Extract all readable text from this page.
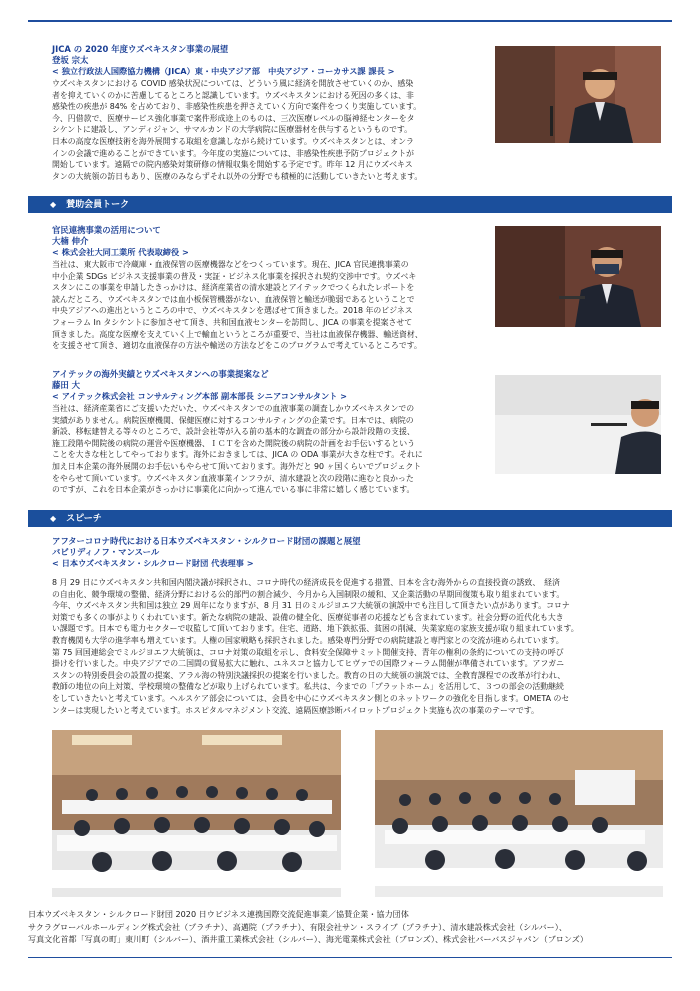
JICA の 2020 年度ウズベキスタン事業の展望
登坂 宗太
< 独立行政法人国際協力機構（JICA）東・中央アジア部　中央アジア・コーカサス課 課長 >
ウズベキスタンにおける COVID 感染状況については、どういう風に経済を開放させていくのか、感染
者を抑えていくのかに苦慮してるところと認識しています。ウズベキスタンにおける死因の多くは、非
感染性の疾患が 84% を占めており、非感染性疾患を押さえていく方向で案件をつくり実施しています。
今、円借款で、医療サービス強化事業で案件形成途上のものは、三次医療レベルの脳神経センターをタ
シケントに建設し、アンディジャン、サマルカンドの大学病院に医療器材を供与するというものです。
日本の高度な医療技術を海外展開する取組を意識しながら続けています。ウズベキスタンとは、オンラ
インの会議で進めることができています。今年度の実施については、非感染性疾患予防プロジェクトが
開始しています。遠隔での院内感染対策研修の情報収集を開始する予定です。昨年 12 月にウズベキス
タンの大統領の訪日もあり、医療のみならずそれ以外の分野でも積極的に活動していきたいと考えます。
◆ 賛助会員トーク
官民連携事業の活用について
大楠 伸介
< 株式会社大同工業所 代表取締役 >
当社は、東大阪市で冷蔵庫・血液保管の医療機器などをつくっています。現在、JICA 官民連携事業の
中小企業 SDGs ビジネス支援事業の普及・実証・ビジネス化事業を採択され契約交渉中です。ウズベキ
スタンにこの事業を申請したきっかけは、経済産業省の清水建設とアイテックでつくられたレポートを
読んだところ、ウズベキスタンでは血小板保管機器がない、血液保管と輸送が脆弱であるということで
中央アジアへの進出というところの中で、ウズベキスタンを選ばせて頂きました。2018 年のビジネス
フォーラム In タシケントに参加させて頂き、共和国血液センターを訪問し、JICA の事業を提案させて
頂きました。高度な医療を支えていく上で輸血というところが重要で、当社は血液保存機器、輸送資材、
を支援させて頂き、適切な血液保存の方法や輸送の方法などをこのプログラムで考えているところです。
アイテックの海外実績とウズベキスタンへの事業提案など
藤田 大
< アイテック株式会社 コンサルティング本部 副本部長 シニアコンサルタント >
当社は、経済産業省にご支援いただいた、ウズベキスタンでの血液事業の調査しかウズベキスタンでの
実績がありません。病院医療機関、保健医療に対するコンサルティングの企業です。日本では、病院の
新設、移転建替える等々のところで、設計会社等が入る前の基本的な調査の部分から設計段階の支援、
施工段階や開院後の病院の運営や医療機器、ＩＣＴを含めた開院後の病院の計画をお手伝いするという
ことを大きな柱としてやっております。海外におきましては、JICA の ODA 事業が大きな柱です。それに
加え日本企業の海外展開のお手伝いもやらせて頂いております。海外だと 90 ヶ国くらいでプロジェクト
をやらせて頂いています。ウズベキスタン血液事業インフラが、清水建設と次の段階に進むと良かった
のですが、これを日本企業がきっかけに事業化に向かって進んでいる事に非常に嬉しく感じています。
◆ スピーチ
アフターコロナ時代における日本ウズベキスタン・シルクロード財団の課題と展望
バビリディノフ・マンスール
< 日本ウズベキスタン・シルクロード財団 代表理事 >
8 月 29 日にウズベキスタン共和国内閣決議が採択され、コロナ時代の経済成長を促進する措置、日本を含む海外からの直接投資の誘致、　経済
の自由化、競争環境の整備、経済分野における公的部門の割合減少、今月から入国制限の緩和、又企業活動の早期回復策も取り組まれています。
今年、ウズベキスタン共和国は独立 29 周年になりますが、8 月 31 日のミルジヨエフ大統領の演説中でも注目して頂きたい点があります。コロナ
対策でも多くの事がよりくわれています。新たな病院の建設、設備の健全化、医療従事者の応援なども含まれています。社会分野の近代化も大き
い課題です。日本でも電力セクターで収監して頂いております。住宅、道路、地下鉄拡張、貧困の削減、失業家庭の家族支援が取り組まれています。
教育機関も大学の進学率も増えています。人権の国家戦略も採択されました。感染専門分野での病院建設と専門家との交流が進められています。
第 75 回国連総会でミルジヨエフ大統領は、コロナ対策の取組を示し、食料安全保障サミット開催支持、青年の権利の条約についての支持の呼び
掛けを行いました。中央アジアでの二国間の貿易拡大に触れ、ユネスコと協力してヒヴァでの国際フォーラム開催が準備されています。アフガニ
スタンの特別委員会の設置の提案、アラル海の特別決議採択の提案を行いました。教育の日の大統領の演説では、全教育課程での改革が行われ、
教師の地位の向上対策、学校環境の整備などが取り上げられています。私共は、今までの「プラットホーム」を活用して、３つの部会の活動継続
をしていきたいと考えています。ヘルスケア部会については、会員を中心にウズベキスタン側とのネットワークの強化を目指します。OMETA のセ
ンターは実現したいと考えています。ホスピタルマネジメント交流、遠隔医療診断パイロットプロジェクト実施も次の事業のテーマです。
日本ウズベキスタン・シルクロード財団 2020 日ウビジネス連携国際交流促進事業／協賛企業・協力団体
サクラグローバルホールディング株式会社（プラチナ）、高邁院（プラチナ）、有限会社サン・スライブ（プラチナ）、清水建設株式会社（シルバー）、
写真文化首都「写真の町」東川町（シルバー）、酒井重工業株式会社（シルバー）、海光電業株式会社（ブロンズ）、株式会社バーバスジャパン（ブロンズ）
